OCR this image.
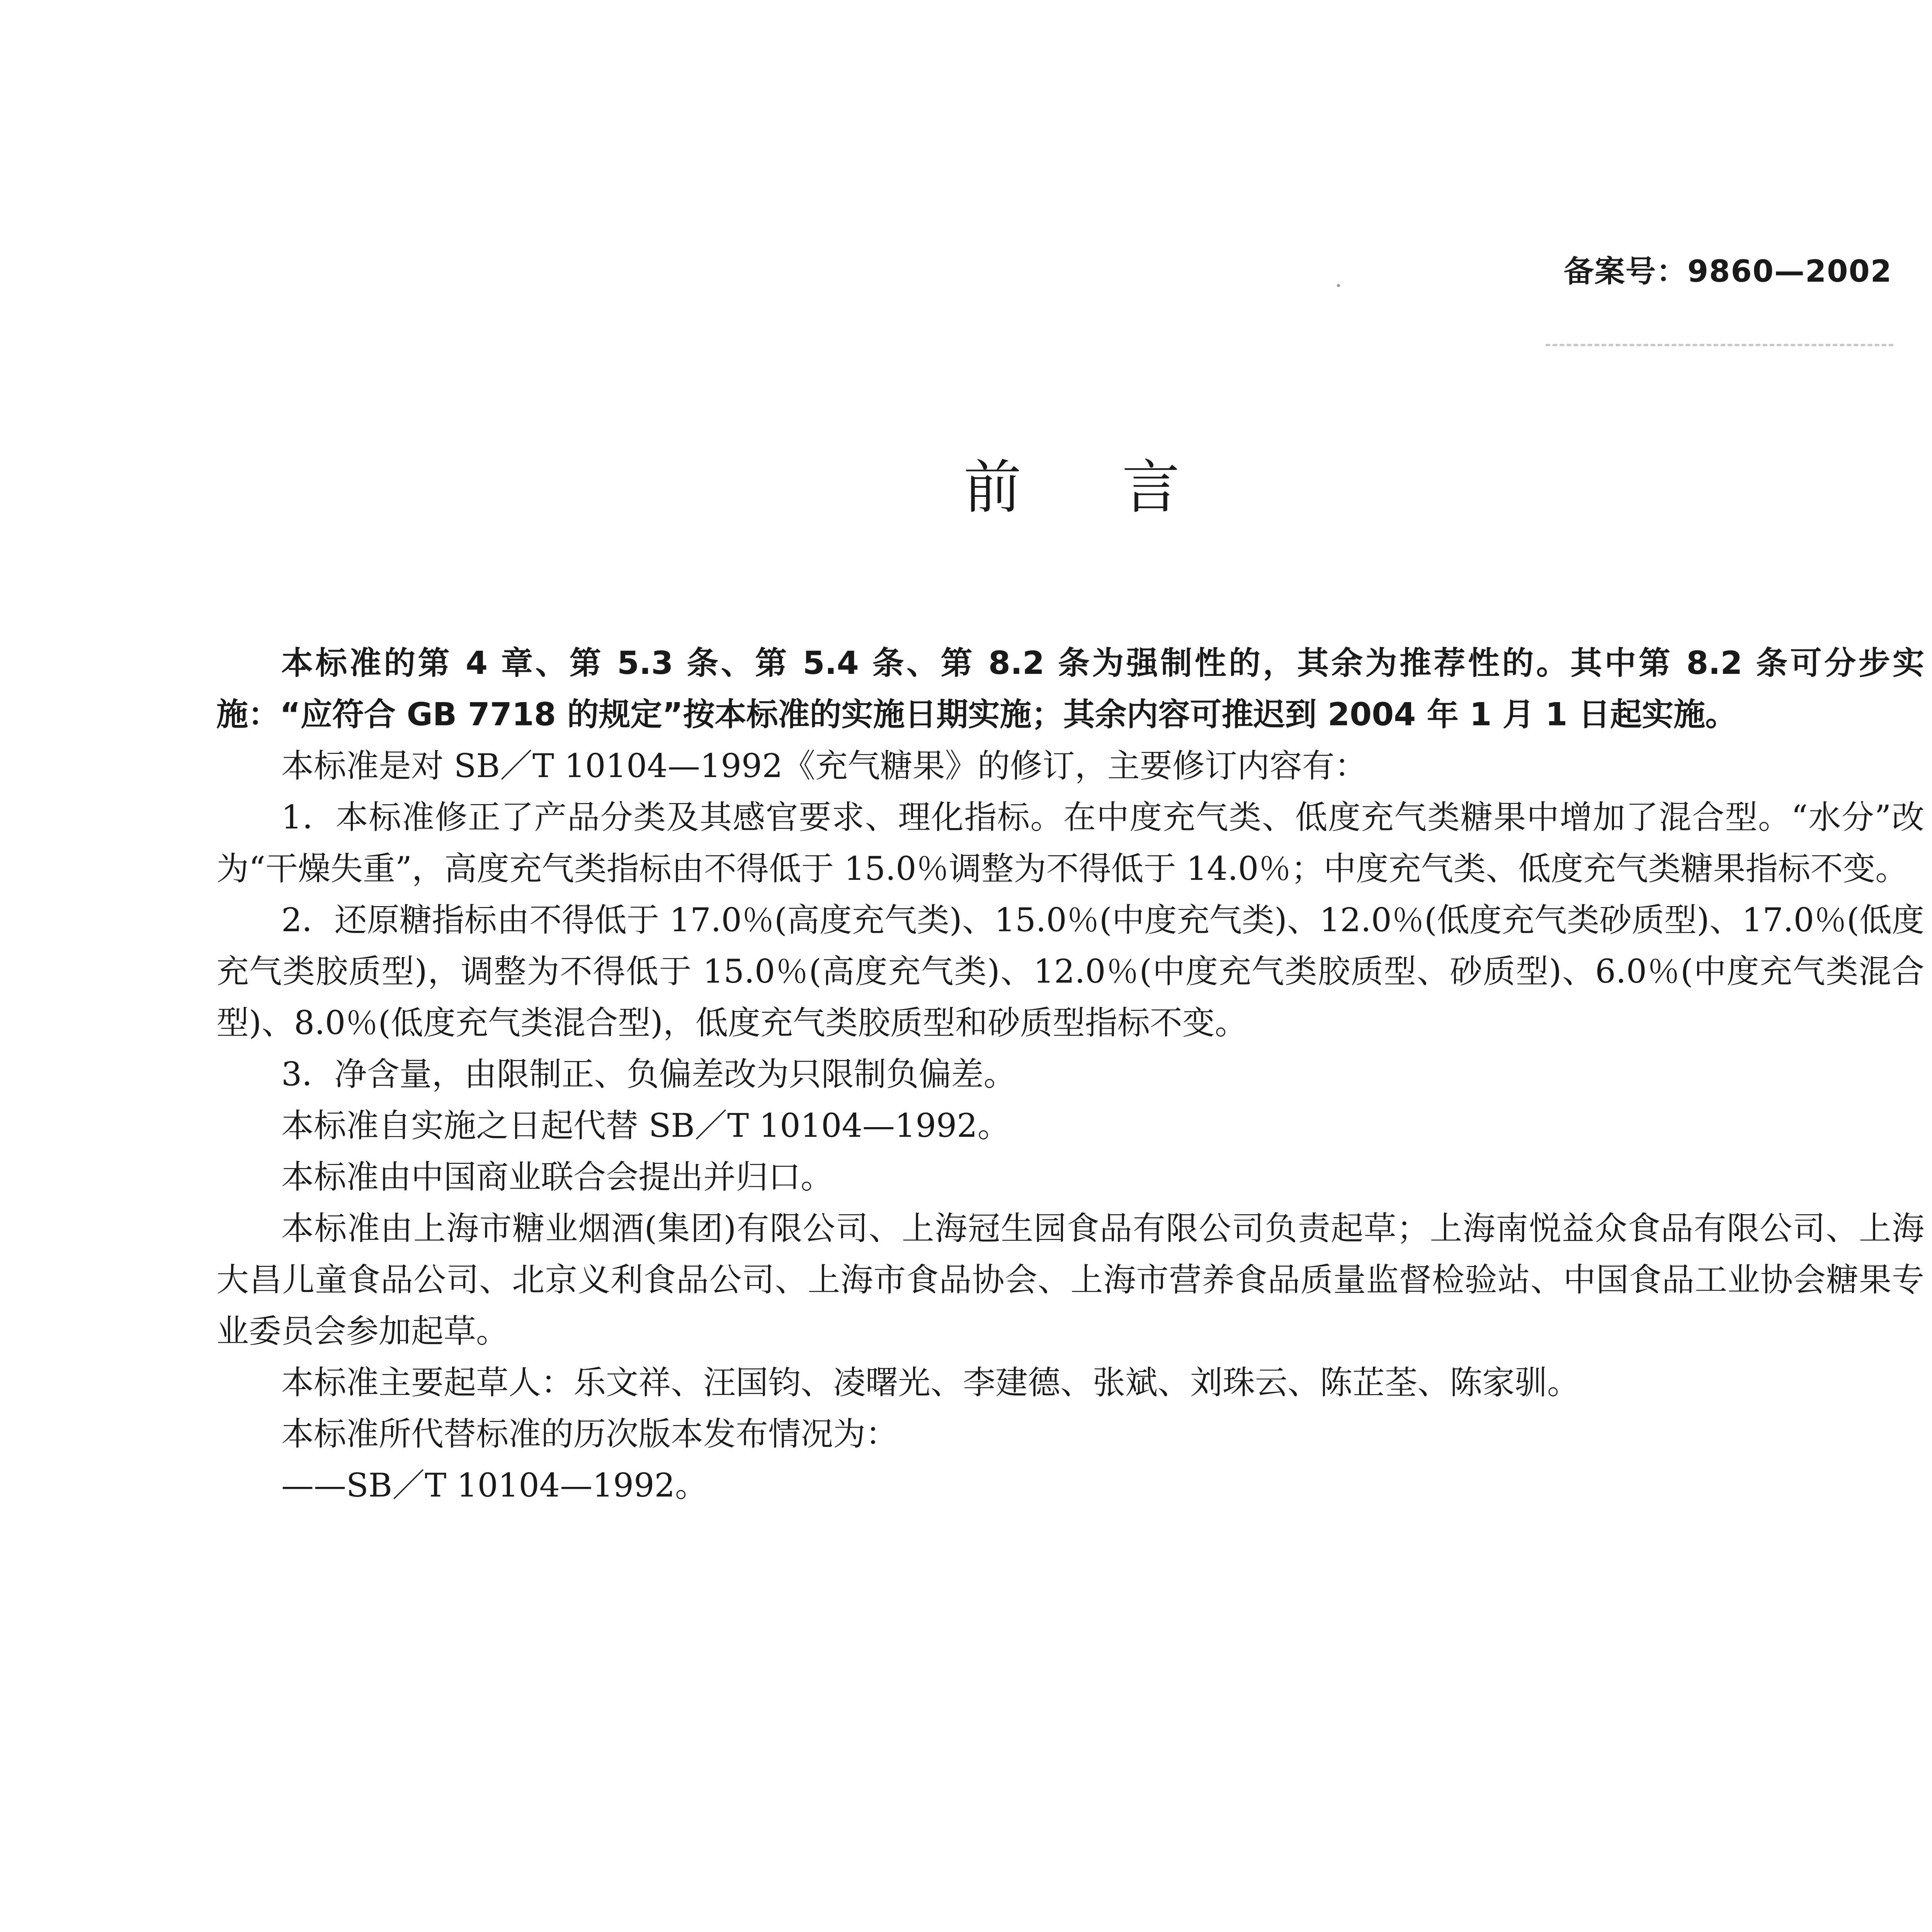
备案号：9860—2002
前言

本标准的第 4 章、第 5.3 条、第 5.4 条、第 8.2 条为强制性的，其余为推荐性的。其中第 8.2 条可分步实施：“应符合 GB 7718 的规定”按本标准的实施日期实施；其余内容可推迟到 2004 年 1 月 1 日起实施。

本标准是对 SB／T 10104—1992《充气糖果》的修订，主要修订内容有：

1．本标准修正了产品分类及其感官要求、理化指标。在中度充气类、低度充气类糖果中增加了混合型。“水分”改为“干燥失重”，高度充气类指标由不得低于 15.0％调整为不得低于 14.0％；中度充气类、低度充气类糖果指标不变。

2．还原糖指标由不得低于 17.0％(高度充气类)、15.0％(中度充气类)、12.0％(低度充气类砂质型)、17.0％(低度充气类胶质型)，调整为不得低于 15.0％(高度充气类)、12.0％(中度充气类胶质型、砂质型)、6.0％(中度充气类混合型)、8.0％(低度充气类混合型)，低度充气类胶质型和砂质型指标不变。

3．净含量，由限制正、负偏差改为只限制负偏差。

本标准自实施之日起代替 SB／T 10104—1992。

本标准由中国商业联合会提出并归口。

本标准由上海市糖业烟酒(集团)有限公司、上海冠生园食品有限公司负责起草；上海南悦益众食品有限公司、上海大昌儿童食品公司、北京义利食品公司、上海市食品协会、上海市营养食品质量监督检验站、中国食品工业协会糖果专业委员会参加起草。

本标准主要起草人：乐文祥、汪国钧、凌曙光、李建德、张斌、刘珠云、陈芷荃、陈家驯。

本标准所代替标准的历次版本发布情况为：

——SB／T 10104—1992。
